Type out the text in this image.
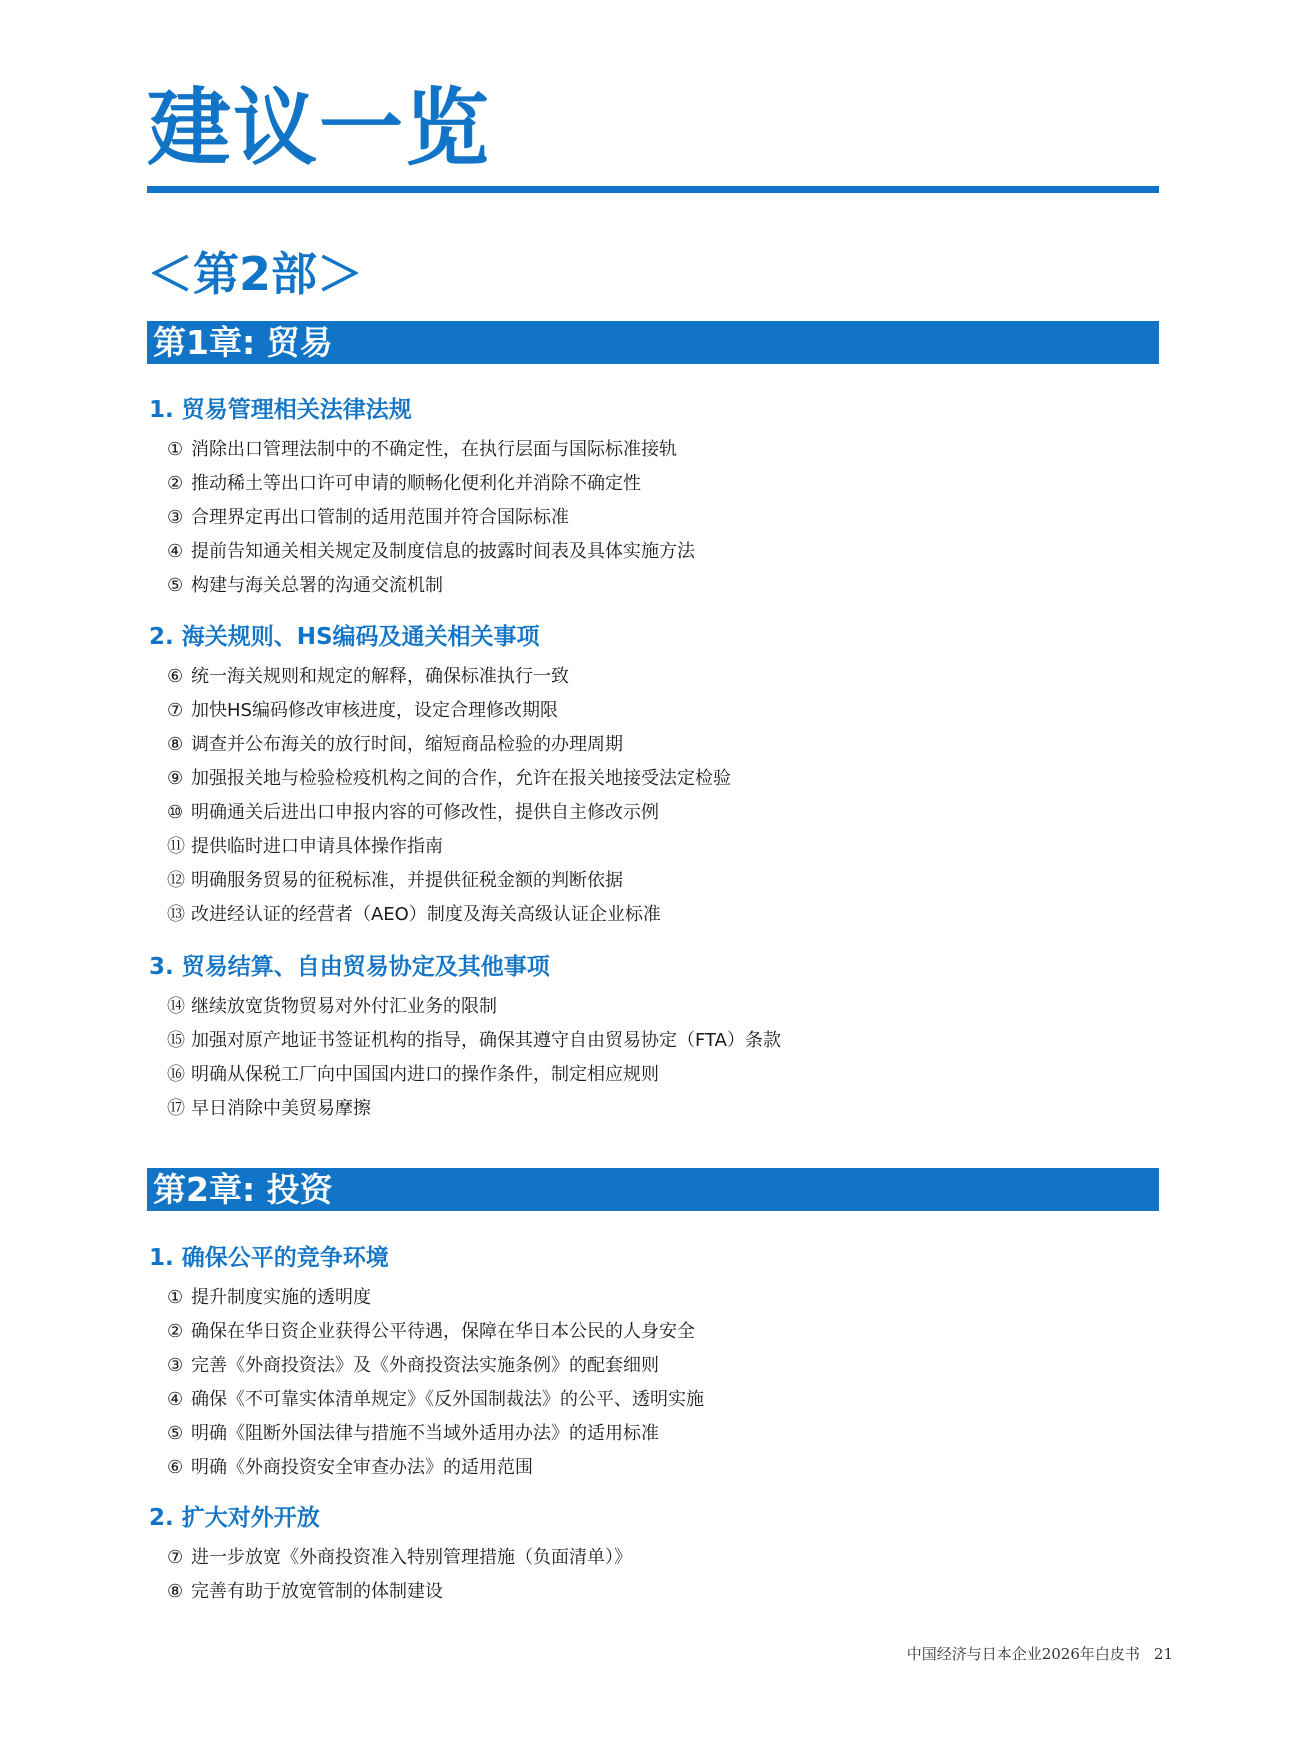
建议一览
＜第2部＞
第1章: 贸易
1. 贸易管理相关法律法规
① 消除出口管理法制中的不确定性，在执行层面与国际标准接轨
② 推动稀土等出口许可申请的顺畅化便利化并消除不确定性
③ 合理界定再出口管制的适用范围并符合国际标准
④ 提前告知通关相关规定及制度信息的披露时间表及具体实施方法
⑤ 构建与海关总署的沟通交流机制
2. 海关规则、HS编码及通关相关事项
⑥ 统一海关规则和规定的解释，确保标准执行一致
⑦ 加快HS编码修改审核进度，设定合理修改期限
⑧ 调查并公布海关的放行时间，缩短商品检验的办理周期
⑨ 加强报关地与检验检疫机构之间的合作，允许在报关地接受法定检验
⑩ 明确通关后进出口申报内容的可修改性，提供自主修改示例
⑪ 提供临时进口申请具体操作指南
⑫ 明确服务贸易的征税标准，并提供征税金额的判断依据
⑬ 改进经认证的经营者（AEO）制度及海关高级认证企业标准
3. 贸易结算、自由贸易协定及其他事项
⑭ 继续放宽货物贸易对外付汇业务的限制
⑮ 加强对原产地证书签证机构的指导，确保其遵守自由贸易协定（FTA）条款
⑯ 明确从保税工厂向中国国内进口的操作条件，制定相应规则
⑰ 早日消除中美贸易摩擦
第2章: 投资
1. 确保公平的竞争环境
① 提升制度实施的透明度
② 确保在华日资企业获得公平待遇，保障在华日本公民的人身安全
③ 完善《外商投资法》及《外商投资法实施条例》的配套细则
④ 确保《不可靠实体清单规定》《反外国制裁法》的公平、透明实施
⑤ 明确《阻断外国法律与措施不当域外适用办法》的适用标准
⑥ 明确《外商投资安全审查办法》的适用范围
2. 扩大对外开放
⑦ 进一步放宽《外商投资准入特别管理措施（负面清单）》
⑧ 完善有助于放宽管制的体制建设
中国经济与日本企业2026年白皮书 21
